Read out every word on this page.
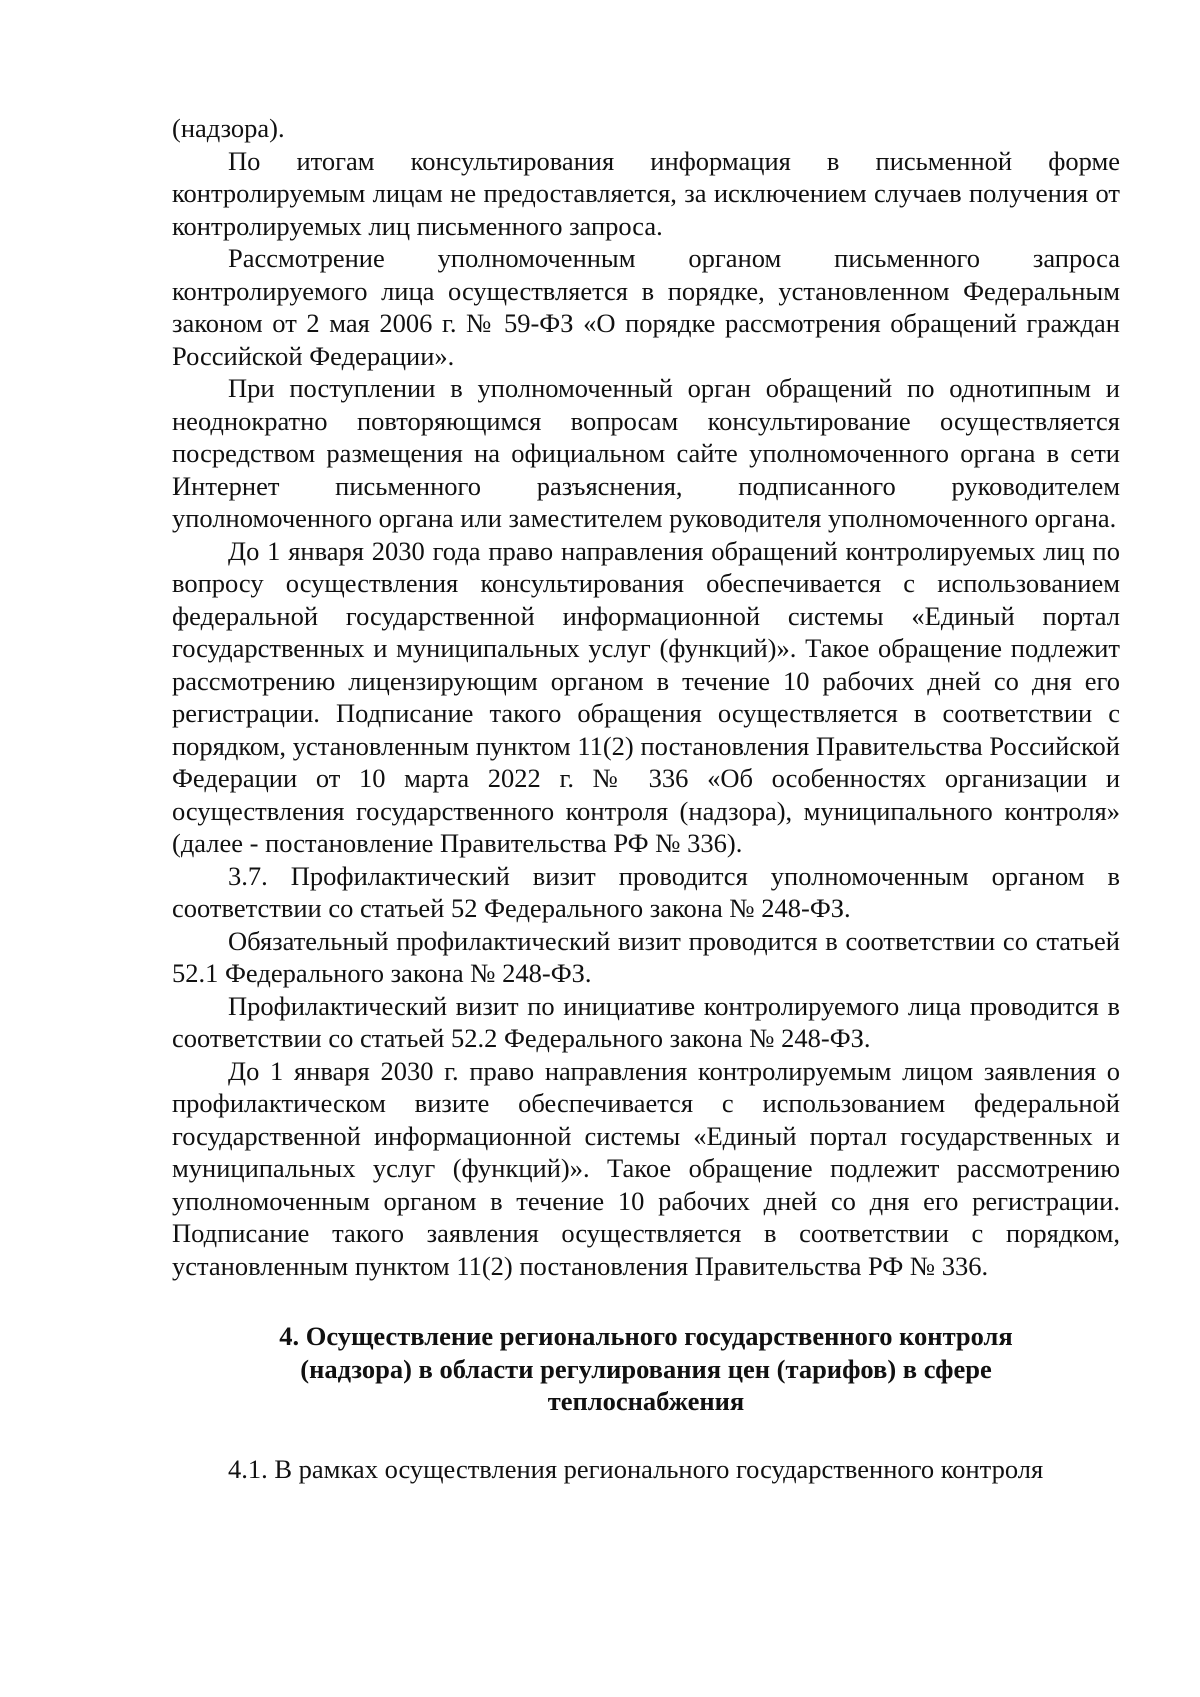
(надзора).

По итогам консультирования информация в письменной форме контролируемым лицам не предоставляется, за исключением случаев получения от контролируемых лиц письменного запроса.

Рассмотрение уполномоченным органом письменного запроса контролируемого лица осуществляется в порядке, установленном Федеральным законом от 2 мая 2006 г. № 59-ФЗ «О порядке рассмотрения обращений граждан Российской Федерации».

При поступлении в уполномоченный орган обращений по однотипным и неоднократно повторяющимся вопросам консультирование осуществляется посредством размещения на официальном сайте уполномоченного органа в сети Интернет письменного разъяснения, подписанного руководителем уполномоченного органа или заместителем руководителя уполномоченного органа.

До 1 января 2030 года право направления обращений контролируемых лиц по вопросу осуществления консультирования обеспечивается с использованием федеральной государственной информационной системы «Единый портал государственных и муниципальных услуг (функций)». Такое обращение подлежит рассмотрению лицензирующим органом в течение 10 рабочих дней со дня его регистрации. Подписание такого обращения осуществляется в соответствии с порядком, установленным пунктом 11(2) постановления Правительства Российской Федерации от 10 марта 2022 г. № 336 «Об особенностях организации и осуществления государственного контроля (надзора), муниципального контроля» (далее - постановление Правительства РФ № 336).

3.7. Профилактический визит проводится уполномоченным органом в соответствии со статьей 52 Федерального закона № 248-ФЗ.

Обязательный профилактический визит проводится в соответствии со статьей 52.1 Федерального закона № 248-ФЗ.

Профилактический визит по инициативе контролируемого лица проводится в соответствии со статьей 52.2 Федерального закона № 248-ФЗ.

До 1 января 2030 г. право направления контролируемым лицом заявления о профилактическом визите обеспечивается с использованием федеральной государственной информационной системы «Единый портал государственных и муниципальных услуг (функций)». Такое обращение подлежит рассмотрению уполномоченным органом в течение 10 рабочих дней со дня его регистрации. Подписание такого заявления осуществляется в соответствии с порядком, установленным пунктом 11(2) постановления Правительства РФ № 336.

4. Осуществление регионального государственного контроля
(надзора) в области регулирования цен (тарифов) в сфере
теплоснабжения

4.1. В рамках осуществления регионального государственного контроля
